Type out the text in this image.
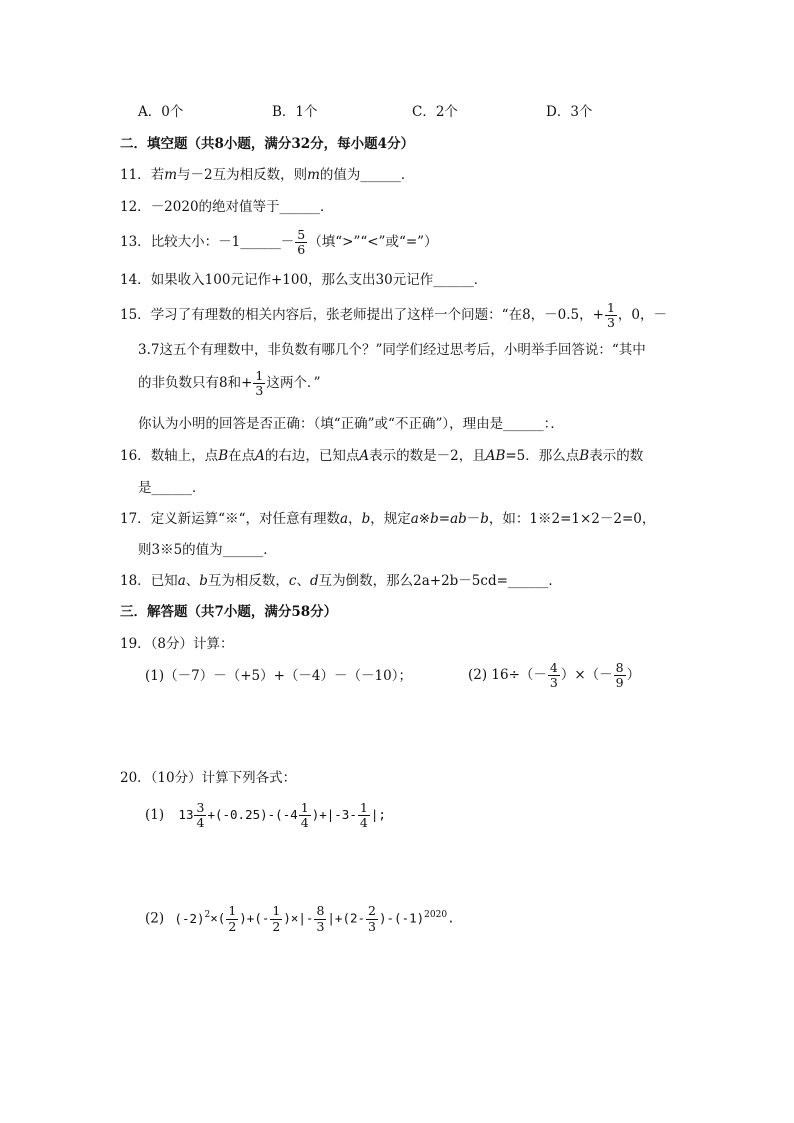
A．0个	B．1个	C．2个	D．3个
二．填空题（共8小题，满分32分，每小题4分）
11．若m与－2互为相反数，则m的值为______．
12．－2020的绝对值等于______．
13．比较大小：－1______－ $\frac{5}{6}$ （填“>”“<”或“=”）
14．如果收入100元记作+100，那么支出30元记作______．
15．学习了有理数的相关内容后，张老师提出了这样一个问题：“在8，－0.5，+ $\frac{1}{3}$ ，0，－
3.7这五个有理数中，非负数有哪几个？”同学们经过思考后，小明举手回答说：“其中
的非负数只有8和+ $\frac{1}{3}$ 这两个．”
你认为小明的回答是否正确：（填“正确”或“不正确”），理由是______：．
16．数轴上，点B在点A的右边，已知点A表示的数是－2，且AB=5．那么点B表示的数
是______．
17．定义新运算“※“，对任意有理数a，b，规定a※b=ab－b，如：1※2=1×2－2=0，
则3※5的值为______．
18．已知a、b互为相反数，c、d互为倒数，那么2a+2b－5cd=______．
三．解答题（共7小题，满分58分）
19．（8分）计算：
(1)（－7）－（+5）+（－4）－（－10）；	(2) $16\div(- \frac{4}{3}$ ）×（－ $\frac{8}{9}$ ）
20．（10分）计算下列各式：
(1) $13 \frac{3}{4} +(-0.25)-(-4 \frac{1}{4} )+|-3- \frac{1}{4}$ |;
(2) $(-2)^2\times( \frac{1}{2}$ )+(- $\frac{1}{2}$ )×|- $\frac{8}{3} |+(2- \frac{2}{3} )-(-1)^{2020}$.
